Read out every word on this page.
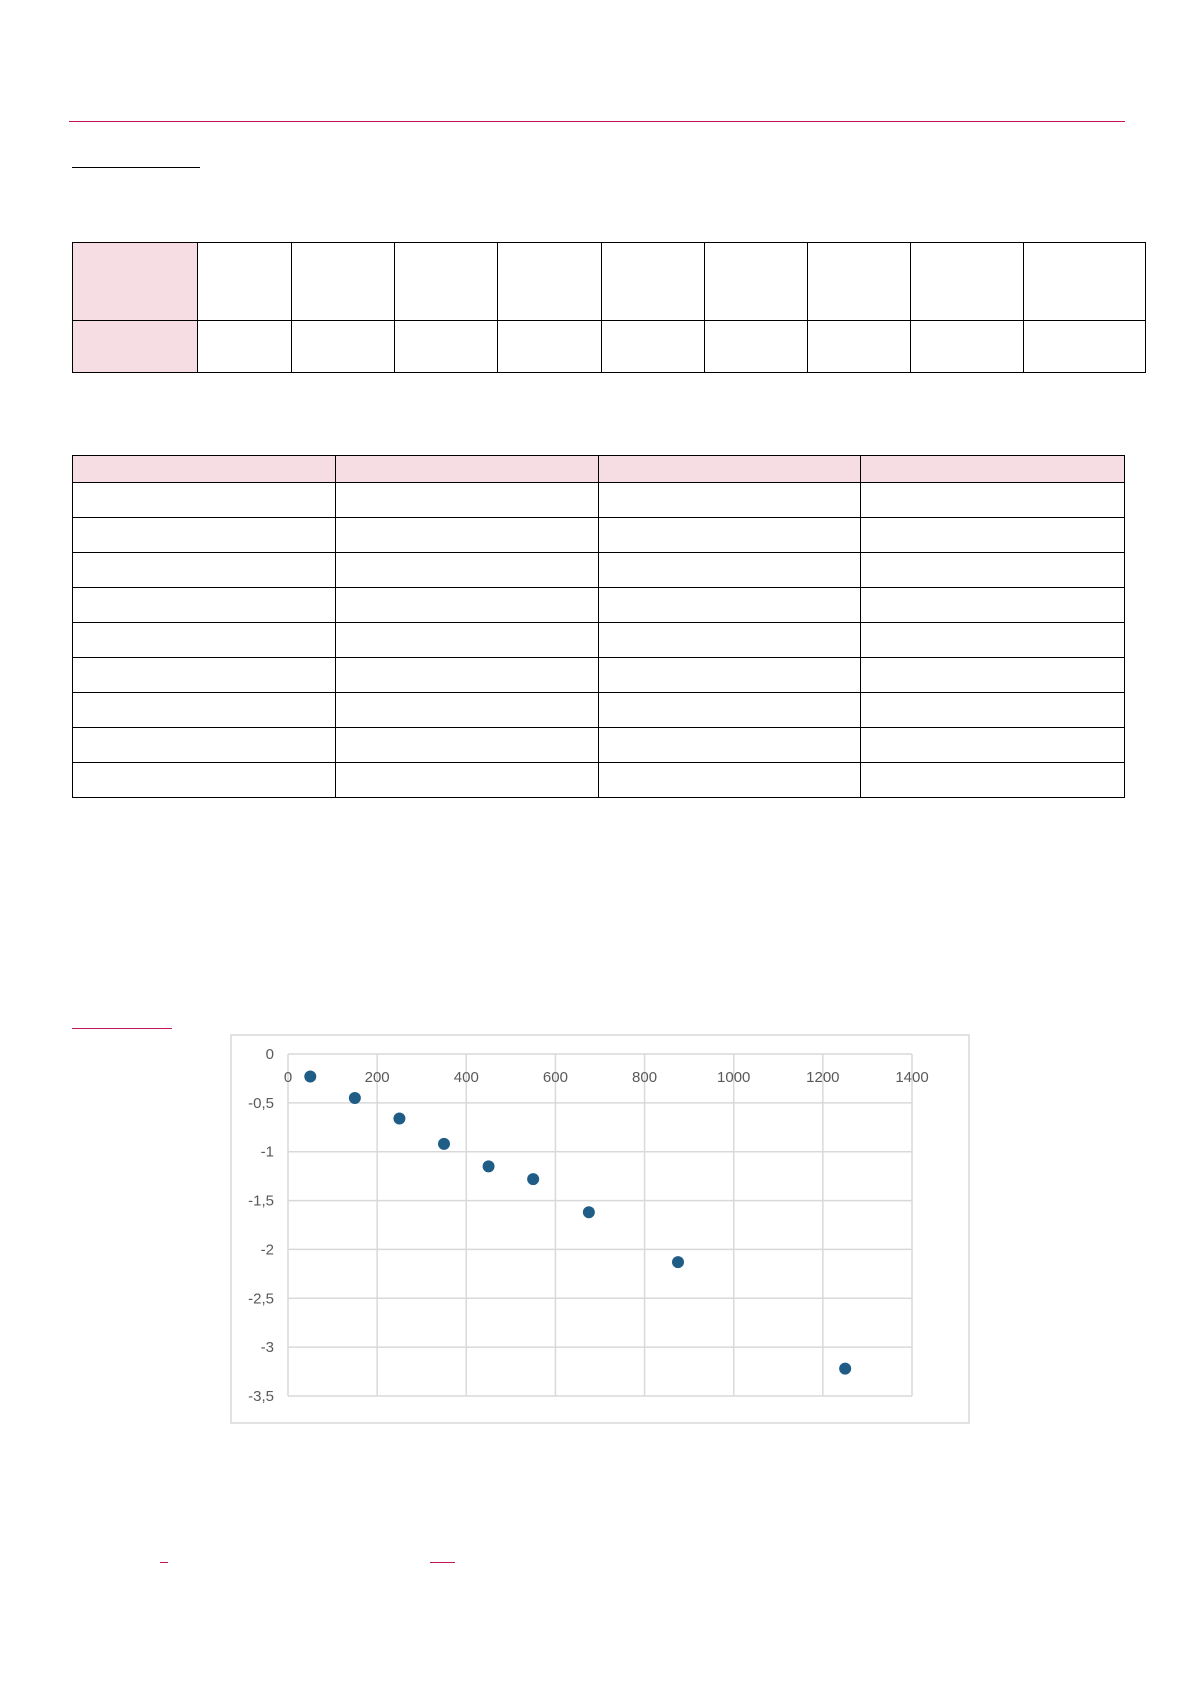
0
-0,5
-1
-1,5
-2
-2,5
-3
-3,5
0	200	400	600	800	1000	1200	1400
